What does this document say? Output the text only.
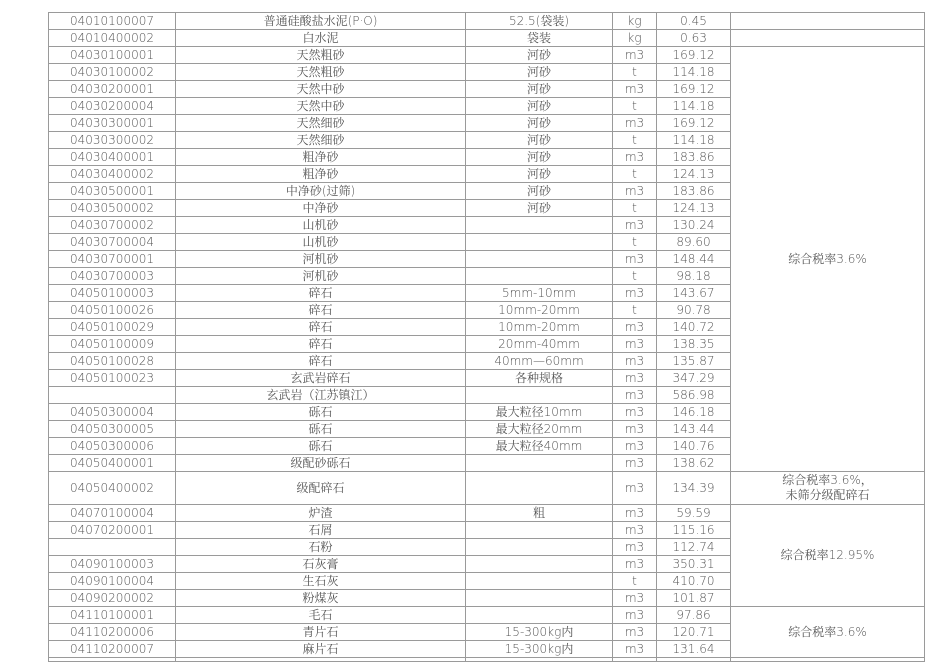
04010100007	普通硅酸盐水泥(P·O)	52.5(袋装)	kg	0.45	
04010400002	白水泥	袋装	kg	0.63	
04030100001	天然粗砂	河砂	m3	169.12	综合税率3.6%
04030100002	天然粗砂	河砂	t	114.18	
04030200001	天然中砂	河砂	m3	169.12	
04030200004	天然中砂	河砂	t	114.18	
04030300001	天然细砂	河砂	m3	169.12	
04030300002	天然细砂	河砂	t	114.18	
04030400001	粗净砂	河砂	m3	183.86	
04030400002	粗净砂	河砂	t	124.13	
04030500001	中净砂(过筛)	河砂	m3	183.86	
04030500002	中净砂	河砂	t	124.13	
04030700002	山机砂		m3	130.24	
04030700004	山机砂		t	89.60	
04030700001	河机砂		m3	148.44	
04030700003	河机砂		t	98.18	
04050100003	碎石	5mm-10mm	m3	143.67	
04050100026	碎石	10mm-20mm	t	90.78	
04050100029	碎石	10mm-20mm	m3	140.72	
04050100009	碎石	20mm-40mm	m3	138.35	
04050100028	碎石	40mm—60mm	m3	135.87	
04050100023	玄武岩碎石	各种规格	m3	347.29	
	玄武岩（江苏镇江）		m3	586.98	
04050300004	砾石	最大粒径10mm	m3	146.18	
04050300005	砾石	最大粒径20mm	m3	143.44	
04050300006	砾石	最大粒径40mm	m3	140.76	
04050400001	级配砂砾石		m3	138.62	
04050400002	级配碎石		m3	134.39	综合税率3.6%，
未筛分级配碎石
04070100004	炉渣	粗	m3	59.59	综合税率12.95%
04070200001	石屑		m3	115.16	
	石粉		m3	112.74	
04090100003	石灰膏		m3	350.31	
04090100004	生石灰		t	410.70	
04090200002	粉煤灰		m3	101.87	
04110100001	毛石		m3	97.86	综合税率3.6%
04110200006	青片石	15-300kg内	m3	120.71	
04110200007	麻片石	15-300kg内	m3	131.64	
